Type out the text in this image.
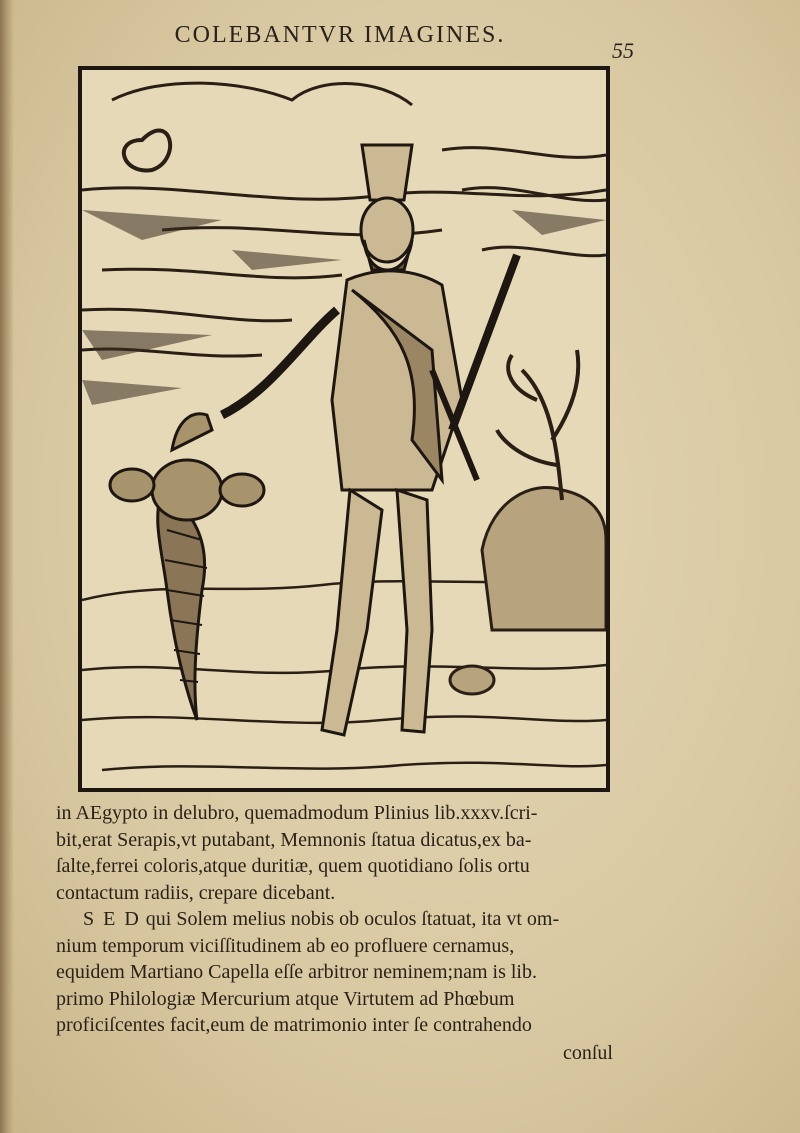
COLEBANTVR IMAGINES.
55
in AEgypto in delubro, quemadmodum Plinius lib.xxxv.ſcri-
bit,erat Serapis,vt putabant, Memnonis ſtatua dicatus,ex ba-
ſalte,ferrei coloris,atque duritiæ, quem quotidiano ſolis ortu
contactum radiis, crepare dicebant.
S E D qui Solem melius nobis ob oculos ſtatuat, ita vt om-
nium temporum viciſſitudinem ab eo profluere cernamus,
equidem Martiano Capella eſſe arbitror neminem;nam is lib.
primo Philologiæ Mercurium atque Virtutem ad Phœbum
proficiſcentes facit,eum de matrimonio inter ſe contrahendo
conſul
